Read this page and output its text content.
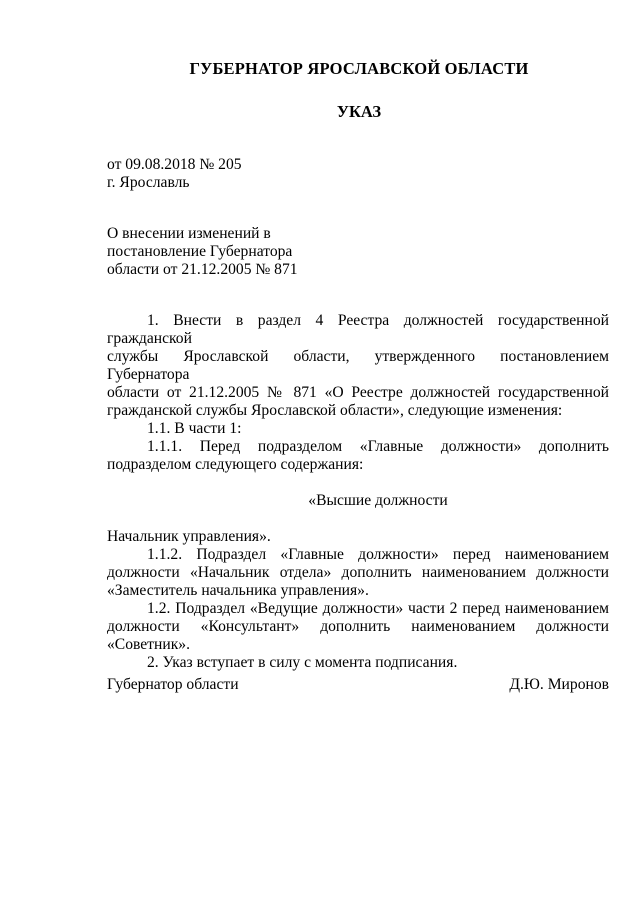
ГУБЕРНАТОР ЯРОСЛАВСКОЙ ОБЛАСТИ
УКАЗ
от 09.08.2018 № 205
г. Ярославль
О внесении изменений в
постановление Губернатора
области от 21.12.2005 № 871
1. Внести в раздел 4 Реестра должностей государственной гражданской
службы Ярославской области, утвержденного постановлением Губернатора
области от 21.12.2005 № 871 «О Реестре должностей государственной
гражданской службы Ярославской области», следующие изменения:
1.1. В части 1:
1.1.1. Перед подразделом «Главные должности» дополнить
подразделом следующего содержания:
«Высшие должности
Начальник управления».
1.1.2. Подраздел «Главные должности» перед наименованием
должности «Начальник отдела» дополнить наименованием должности
«Заместитель начальника управления».
1.2. Подраздел «Ведущие должности» части 2 перед наименованием
должности «Консультант» дополнить наименованием должности
«Советник».
2. Указ вступает в силу с момента подписания.
Губернатор области	Д.Ю. Миронов
